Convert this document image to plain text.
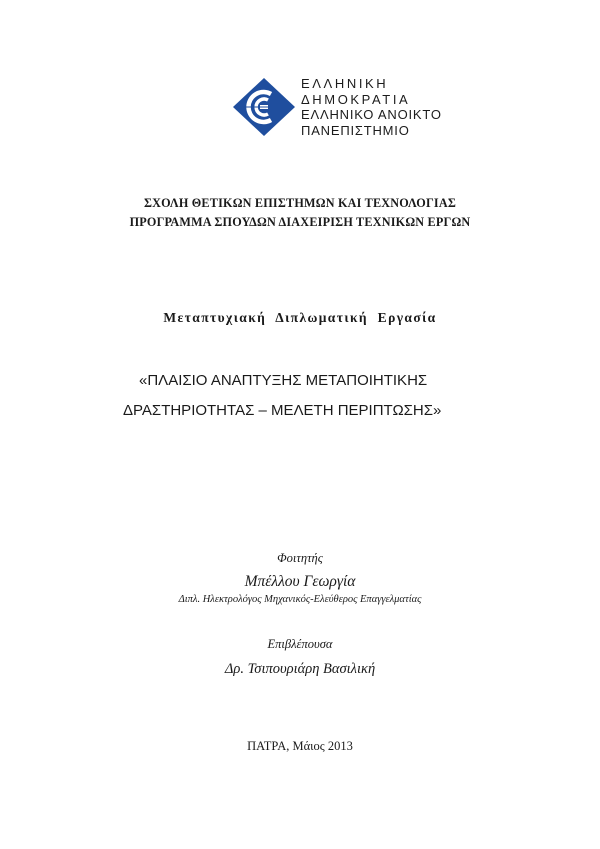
ΕΛΛΗΝΙΚΗ
ΔΗΜΟΚΡΑΤΙΑ
ΕΛΛΗΝΙΚΟ ΑΝΟΙΚΤΟ
ΠΑΝΕΠΙΣΤΗΜΙΟ
ΣΧΟΛΗ ΘΕΤΙΚΩΝ ΕΠΙΣΤΗΜΩΝ ΚΑΙ ΤΕΧΝΟΛΟΓΙΑΣ
ΠΡΟΓΡΑΜΜΑ ΣΠΟΥΔΩΝ ΔΙΑΧΕΙΡΙΣΗ ΤΕΧΝΙΚΩΝ ΕΡΓΩΝ
Μεταπτυχιακή Διπλωματική Εργασία
«ΠΛΑΙΣΙΟ ΑΝΑΠΤΥΞΗΣ ΜΕΤΑΠΟΙΗΤΙΚΗΣ
ΔΡΑΣΤΗΡΙΟΤΗΤΑΣ – ΜΕΛΕΤΗ ΠΕΡΙΠΤΩΣΗΣ»
Φοιτητής
Μπέλλου Γεωργία
Διπλ. Ηλεκτρολόγος Μηχανικός-Ελεύθερος Επαγγελματίας
Επιβλέπουσα
Δρ. Τσιπουριάρη Βασιλική
ΠΑΤΡΑ, Μάιος 2013
